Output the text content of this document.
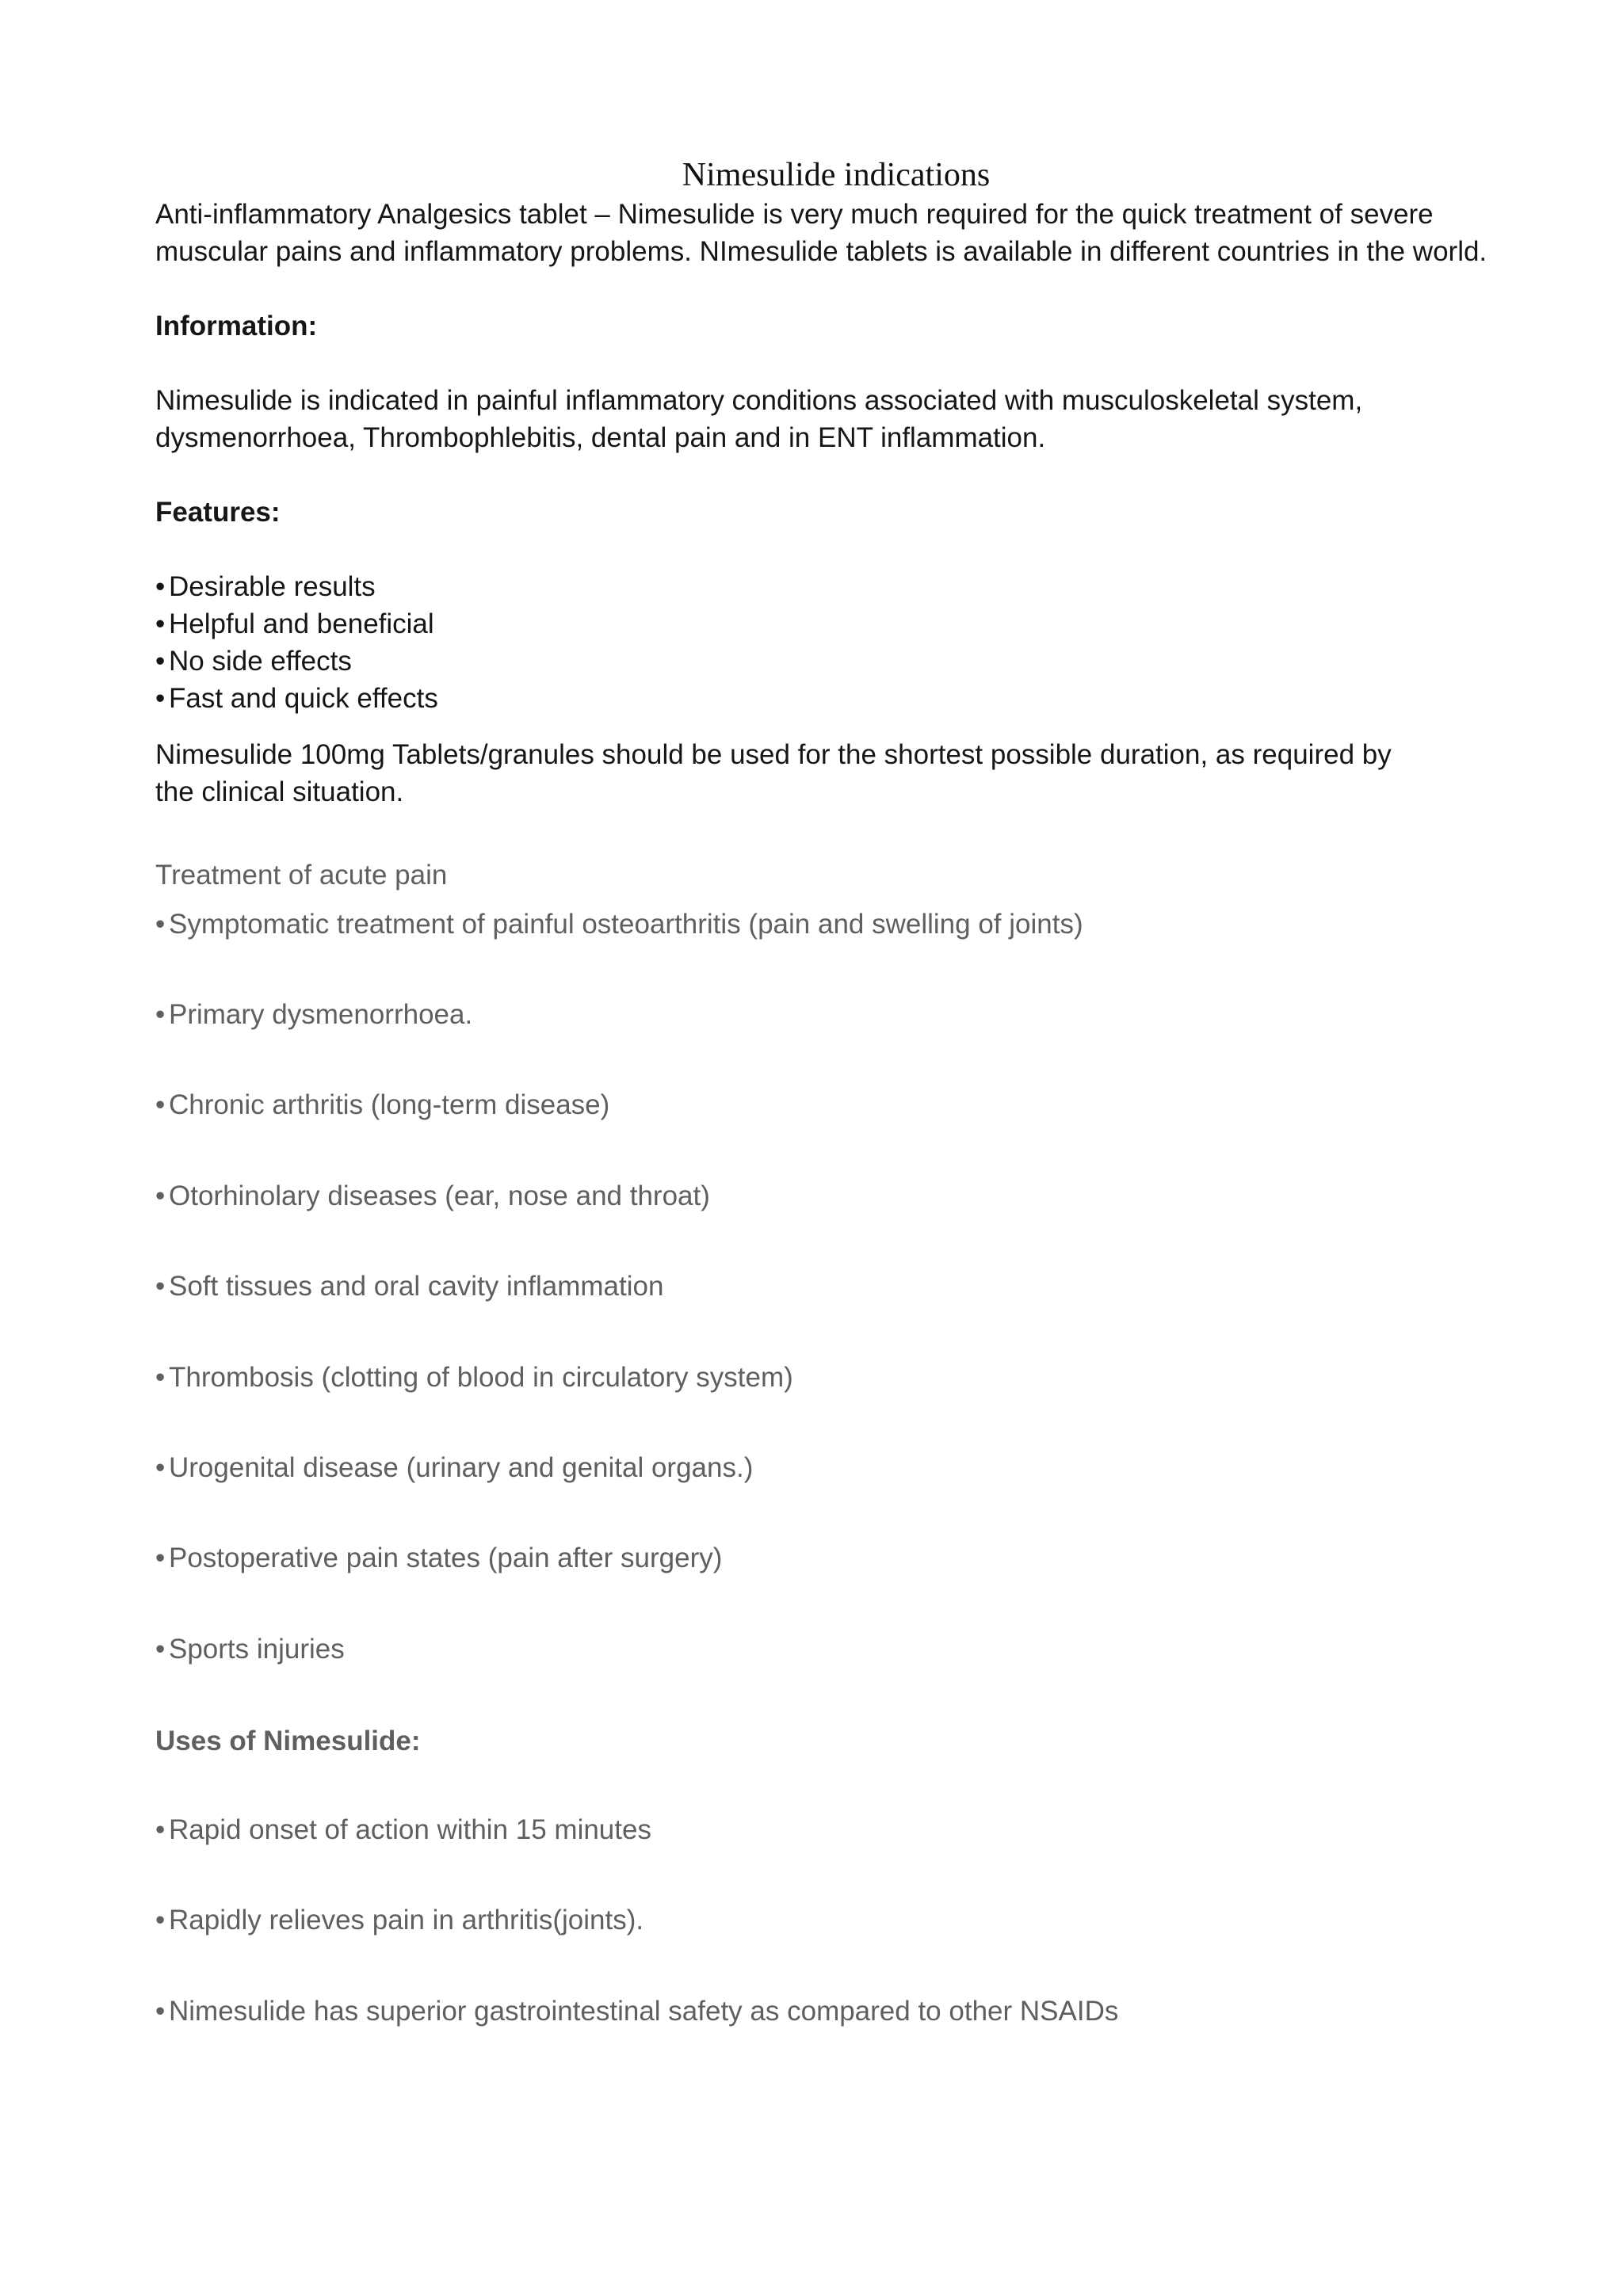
Nimesulide indications
Anti-inflammatory Analgesics tablet – Nimesulide is very much required for the quick treatment of severe
muscular pains and inflammatory problems. NImesulide tablets is available in different countries in the world.
Information:
Nimesulide is indicated in painful inflammatory conditions associated with musculoskeletal system,
dysmenorrhoea, Thrombophlebitis, dental pain and in ENT inflammation.
Features:
• Desirable results
• Helpful and beneficial
• No side effects
• Fast and quick effects
Nimesulide 100mg Tablets/granules should be used for the shortest possible duration, as required by
the clinical situation.
Treatment of acute pain
• Symptomatic treatment of painful osteoarthritis (pain and swelling of joints)
• Primary dysmenorrhoea.
• Chronic arthritis (long-term disease)
• Otorhinolary diseases (ear, nose and throat)
• Soft tissues and oral cavity inflammation
• Thrombosis (clotting of blood in circulatory system)
• Urogenital disease (urinary and genital organs.)
• Postoperative pain states (pain after surgery)
• Sports injuries
Uses of Nimesulide:
• Rapid onset of action within 15 minutes
• Rapidly relieves pain in arthritis(joints).
• Nimesulide has superior gastrointestinal safety as compared to other NSAIDs
